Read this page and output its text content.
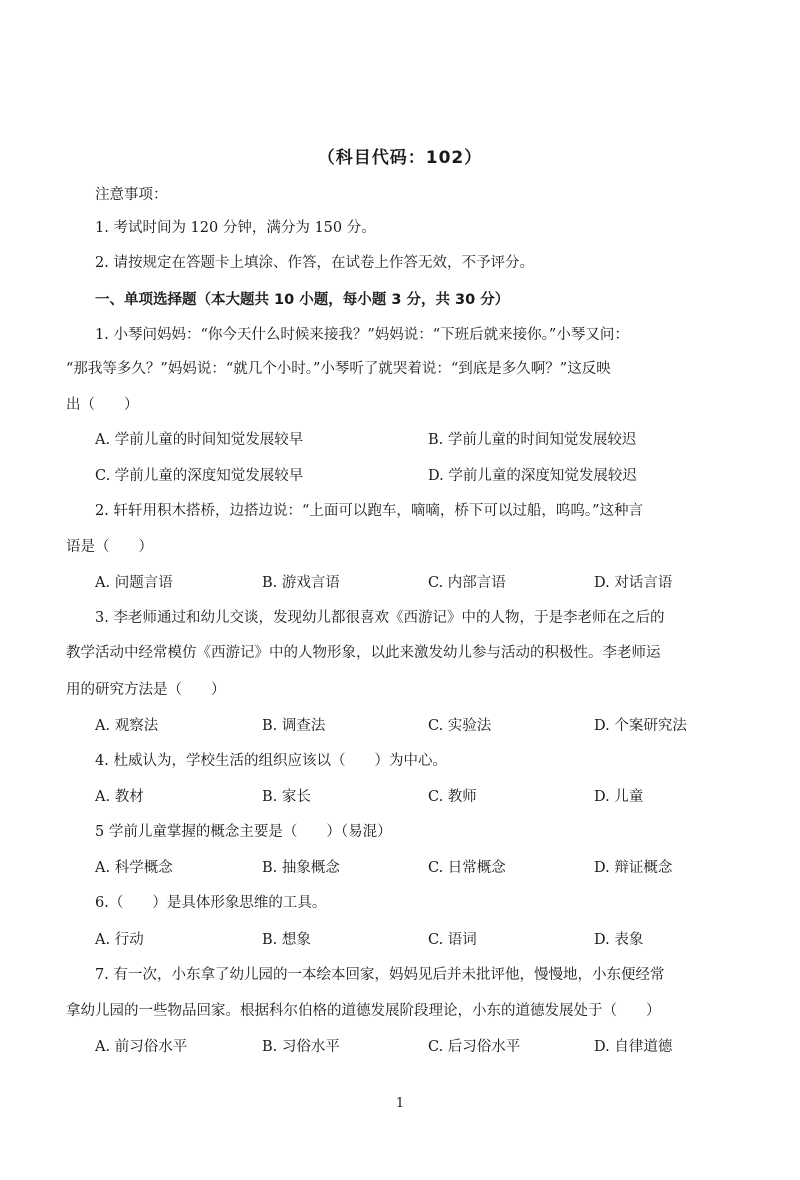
（科目代码：102）
注意事项：
1. 考试时间为 120 分钟，满分为 150 分。
2. 请按规定在答题卡上填涂、作答，在试卷上作答无效，不予评分。
一、单项选择题（本大题共 10 小题，每小题 3 分，共 30 分）
1. 小琴问妈妈：“你今天什么时候来接我？”妈妈说：“下班后就来接你。”小琴又问：
“那我等多久？”妈妈说：“就几个小时。”小琴听了就哭着说：“到底是多久啊？”这反映
出（　　）
A. 学前儿童的时间知觉发展较早	B. 学前儿童的时间知觉发展较迟
C. 学前儿童的深度知觉发展较早	D. 学前儿童的深度知觉发展较迟
2. 轩轩用积木搭桥，边搭边说：“上面可以跑车，嘀嘀，桥下可以过船，呜呜。”这种言
语是（　　）
A. 问题言语	B. 游戏言语	C. 内部言语	D. 对话言语
3. 李老师通过和幼儿交谈，发现幼儿都很喜欢《西游记》中的人物，于是李老师在之后的
教学活动中经常模仿《西游记》中的人物形象，以此来激发幼儿参与活动的积极性。李老师运
用的研究方法是（　　）
A. 观察法	B. 调查法	C. 实验法	D. 个案研究法
4. 杜威认为，学校生活的组织应该以（　　）为中心。
A. 教材	B. 家长	C. 教师	D. 儿童
5 学前儿童掌握的概念主要是（　　）（易混）
A. 科学概念	B. 抽象概念	C. 日常概念	D. 辩证概念
6.（　　）是具体形象思维的工具。
A. 行动	B. 想象	C. 语词	D. 表象
7. 有一次，小东拿了幼儿园的一本绘本回家，妈妈见后并未批评他，慢慢地，小东便经常
拿幼儿园的一些物品回家。根据科尔伯格的道德发展阶段理论，小东的道德发展处于（　　）
A. 前习俗水平	B. 习俗水平	C. 后习俗水平	D. 自律道德
1
